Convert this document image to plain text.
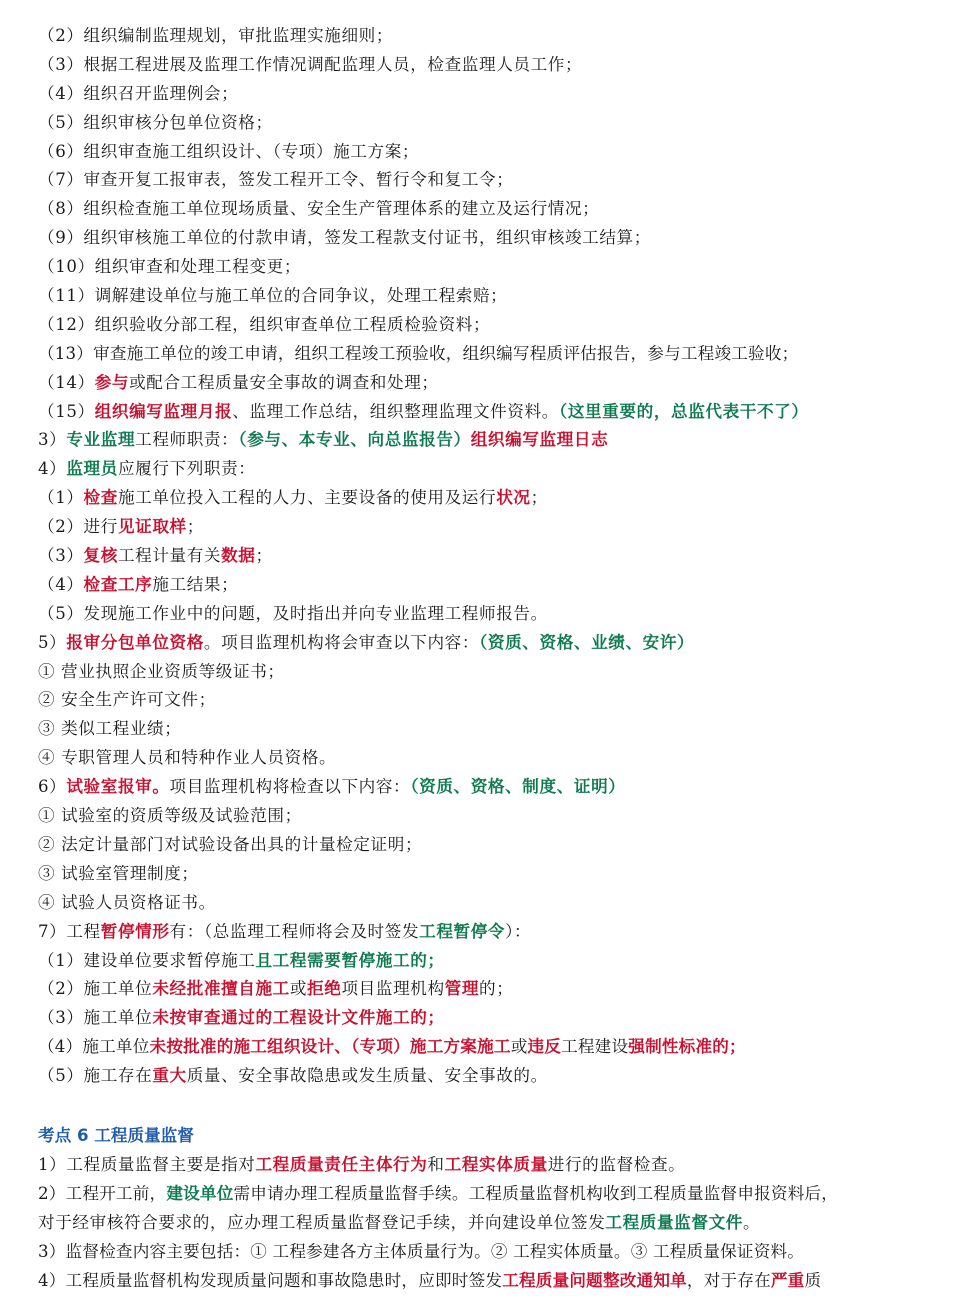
（2）组织编制监理规划，审批监理实施细则；
（3）根据工程进展及监理工作情况调配监理人员，检查监理人员工作；
（4）组织召开监理例会；
（5）组织审核分包单位资格；
（6）组织审查施工组织设计、（专项）施工方案；
（7）审查开复工报审表，签发工程开工令、暂行令和复工令；
（8）组织检查施工单位现场质量、安全生产管理体系的建立及运行情况；
（9）组织审核施工单位的付款申请，签发工程款支付证书，组织审核竣工结算；
（10）组织审查和处理工程变更；
（11）调解建设单位与施工单位的合同争议，处理工程索赔；
（12）组织验收分部工程，组织审查单位工程质检验资料；
（13）审查施工单位的竣工申请，组织工程竣工预验收，组织编写程质评估报告，参与工程竣工验收；
（14）参与或配合工程质量安全事故的调查和处理；
（15）组织编写监理月报、监理工作总结，组织整理监理文件资料。（这里重要的，总监代表干不了）
3）专业监理工程师职责：（参与、本专业、向总监报告）组织编写监理日志
4）监理员应履行下列职责：
（1）检查施工单位投入工程的人力、主要设备的使用及运行状况；
（2）进行见证取样；
（3）复核工程计量有关数据；
（4）检查工序施工结果；
（5）发现施工作业中的问题，及时指出并向专业监理工程师报告。
5）报审分包单位资格。项目监理机构将会审查以下内容：（资质、资格、业绩、安许）
① 营业执照企业资质等级证书；
② 安全生产许可文件；
③ 类似工程业绩；
④ 专职管理人员和特种作业人员资格。
6）试验室报审。项目监理机构将检查以下内容：（资质、资格、制度、证明）
① 试验室的资质等级及试验范围；
② 法定计量部门对试验设备出具的计量检定证明；
③ 试验室管理制度；
④ 试验人员资格证书。
7）工程暂停情形有：（总监理工程师将会及时签发工程暂停令）：
（1）建设单位要求暂停施工且工程需要暂停施工的；
（2）施工单位未经批准擅自施工或拒绝项目监理机构管理的；
（3）施工单位未按审查通过的工程设计文件施工的；
（4）施工单位未按批准的施工组织设计、（专项）施工方案施工或违反工程建设强制性标准的；
（5）施工存在重大质量、安全事故隐患或发生质量、安全事故的。
考点 6 工程质量监督
1）工程质量监督主要是指对工程质量责任主体行为和工程实体质量进行的监督检查。
2）工程开工前，建设单位需申请办理工程质量监督手续。工程质量监督机构收到工程质量监督申报资料后，
对于经审核符合要求的，应办理工程质量监督登记手续，并向建设单位签发工程质量监督文件。
3）监督检查内容主要包括：① 工程参建各方主体质量行为。② 工程实体质量。③ 工程质量保证资料。
4）工程质量监督机构发现质量问题和事故隐患时，应即时签发工程质量问题整改通知单，对于存在严重质
